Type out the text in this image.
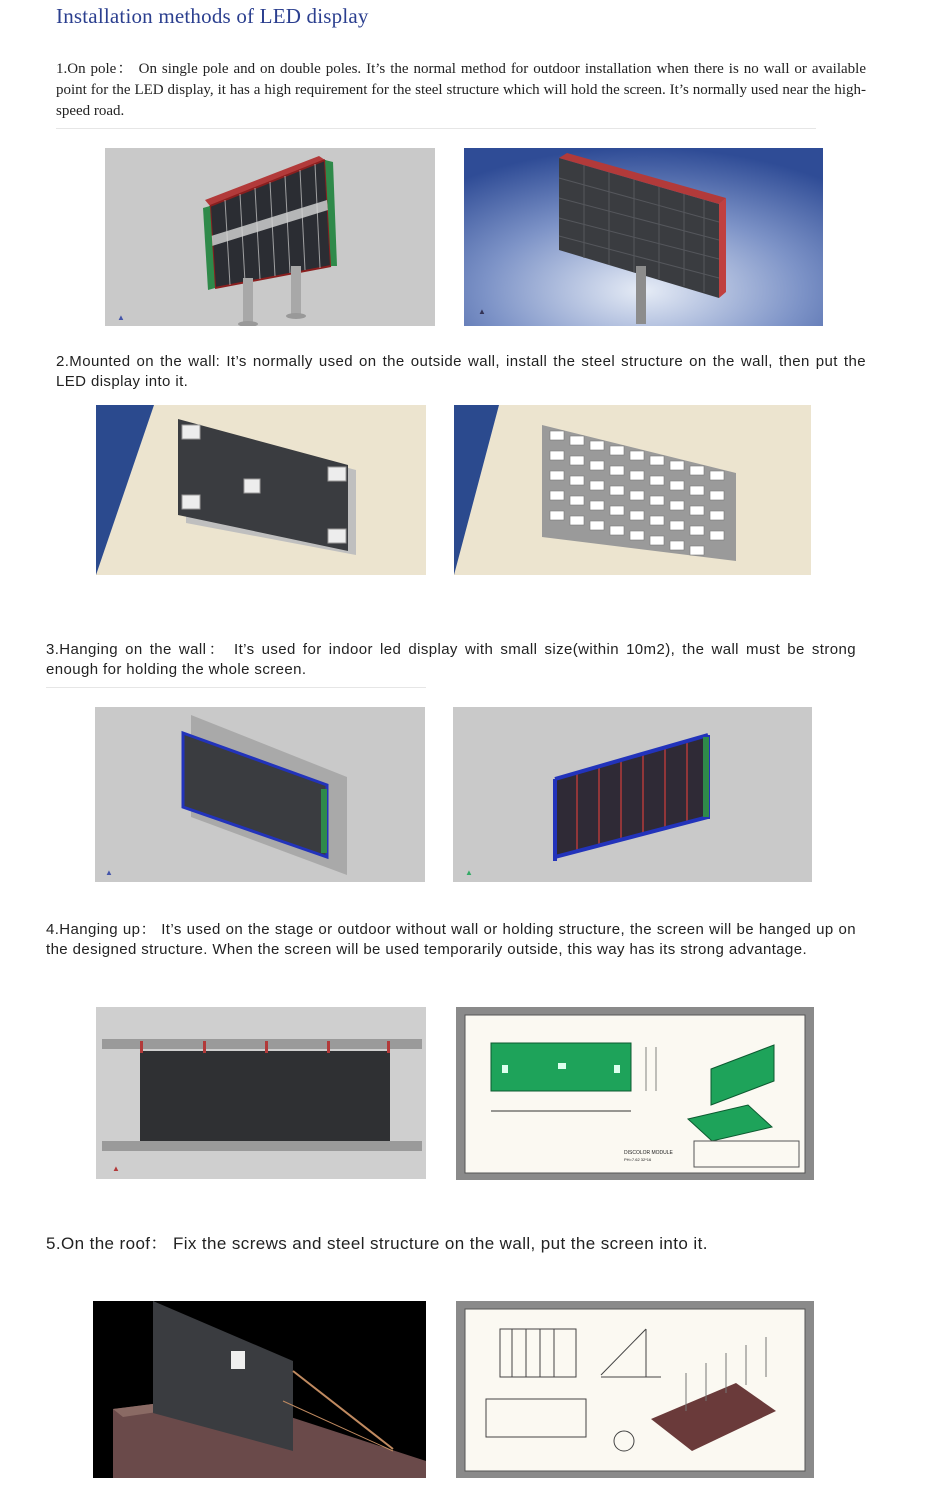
Installation methods of LED display
1.On pole： On single pole and on double poles. It’s the normal method for outdoor installation when there is no wall or available point for the LED display, it has a high requirement for the steel structure which will hold the screen. It’s normally used near the high-speed road.
▲
▲
2.Mounted on the wall: It’s normally used on the outside wall, install the steel structure on the wall, then put the LED display into it.
3.Hanging on the wall： It’s used for indoor led display with small size(within 10m2), the wall must be strong enough for holding the whole screen.
▲	▲
4.Hanging up： It’s used on the stage or outdoor without wall or holding structure, the screen will be hanged up on the designed structure. When the screen will be used temporarily outside, this way has its strong advantage.
▲
DISCOLOR MODULE
PH=7.62 32*16
5.On the roof： Fix the screws and steel structure on the wall, put the screen into it.
